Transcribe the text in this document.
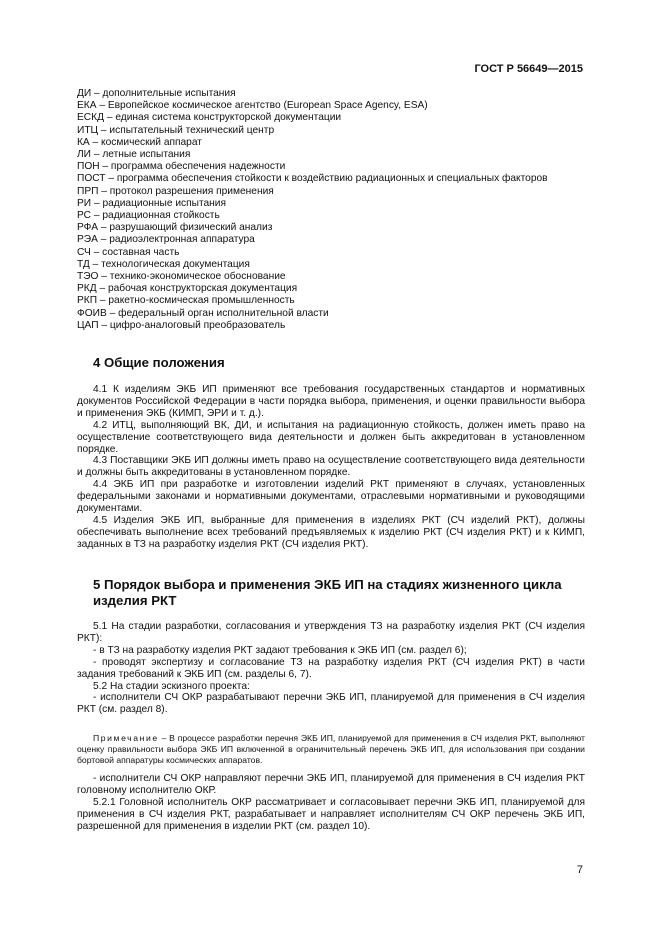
ГОСТ Р 56649—2015
ДИ – дополнительные испытания
ЕКА – Европейское космическое агентство (European Space Agency, ESA)
ЕСКД – единая система конструкторской документации
ИТЦ – испытательный технический центр
КА – космический аппарат
ЛИ – летные испытания
ПОН – программа обеспечения надежности
ПОСТ – программа обеспечения стойкости к воздействию радиационных и специальных факторов
ПРП – протокол разрешения применения
РИ – радиационные испытания
РС – радиационная стойкость
РФА – разрушающий физический анализ
РЭА – радиоэлектронная аппаратура
СЧ – составная часть
ТД – технологическая документация
ТЭО – технико-экономическое обоснование
РКД – рабочая конструкторская документация
РКП – ракетно-космическая промышленность
ФОИВ – федеральный орган исполнительной власти
ЦАП – цифро-аналоговый преобразователь
4 Общие положения

4.1 К изделиям ЭКБ ИП применяют все требования государственных стандартов и нормативных документов Российской Федерации в части порядка выбора, применения, и оценки правильности выбора и применения ЭКБ (КИМП, ЭРИ и т. д.).

4.2 ИТЦ, выполняющий ВК, ДИ, и испытания на радиационную стойкость, должен иметь право на осуществление соответствующего вида деятельности и должен быть аккредитован в установленном порядке.

4.3 Поставщики ЭКБ ИП должны иметь право на осуществление соответствующего вида деятельности и должны быть аккредитованы в установленном порядке.

4.4 ЭКБ ИП при разработке и изготовлении изделий РКТ применяют в случаях, установленных федеральными законами и нормативными документами, отраслевыми нормативными и руководящими документами.

4.5 Изделия ЭКБ ИП, выбранные для применения в изделиях РКТ (СЧ изделий РКТ), должны обеспечивать выполнение всех требований предъявляемых к изделию РКТ (СЧ изделия РКТ) и к КИМП, заданных в ТЗ на разработку изделия РКТ (СЧ изделия РКТ).

5 Порядок выбора и применения ЭКБ ИП на стадиях жизненного цикла изделия РКТ

5.1 На стадии разработки, согласования и утверждения ТЗ на разработку изделия РКТ (СЧ изделия РКТ):

- в ТЗ на разработку изделия РКТ задают требования к ЭКБ ИП (см. раздел 6);

- проводят экспертизу и согласование ТЗ на разработку изделия РКТ (СЧ изделия РКТ) в части задания требований к ЭКБ ИП (см. разделы 6, 7).

5.2 На стадии эскизного проекта:

- исполнители СЧ ОКР разрабатывают перечни ЭКБ ИП, планируемой для применения в СЧ изделия РКТ (см. раздел 8).

Примечание – В процессе разработки перечня ЭКБ ИП, планируемой для применения в СЧ изделия РКТ, выполняют оценку правильности выбора ЭКБ ИП включенной в ограничительный перечень ЭКБ ИП, для использования при создании бортовой аппаратуры космических аппаратов.

- исполнители СЧ ОКР направляют перечни ЭКБ ИП, планируемой для применения в СЧ изделия РКТ головному исполнителю ОКР.

5.2.1 Головной исполнитель ОКР рассматривает и согласовывает перечни ЭКБ ИП, планируемой для применения в СЧ изделия РКТ, разрабатывает и направляет исполнителям СЧ ОКР перечень ЭКБ ИП, разрешенной для применения в изделии РКТ (см. раздел 10).

7
